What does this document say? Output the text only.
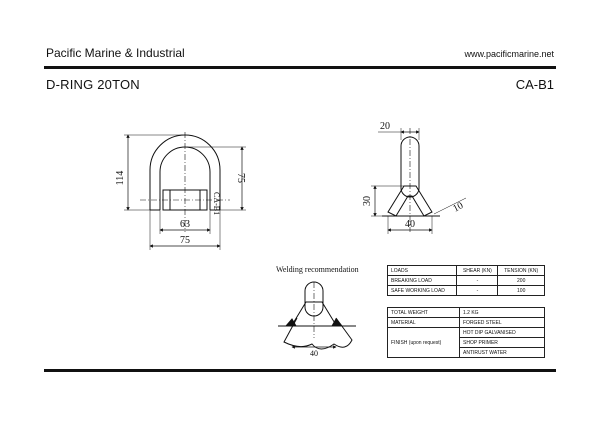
Pacific Marine & Industrial	www.pacificmarine.net
D-RING 20TON	CA-B1
114	75
63
75
CA-B1
20
30
40
10
40
Welding recommendation	LOADS	SHEAR (KN)	TENSION (KN)
BREAKING LOAD	-	200
SAFE WORKING LOAD	-	100
TOTAL WEIGHT	1.2 KG
MATERIAL	FORGED STEEL
FINISH (upon request)	HOT DIP GALVANISED
	SHOP PRIMER
	ANTIRUST WATER
